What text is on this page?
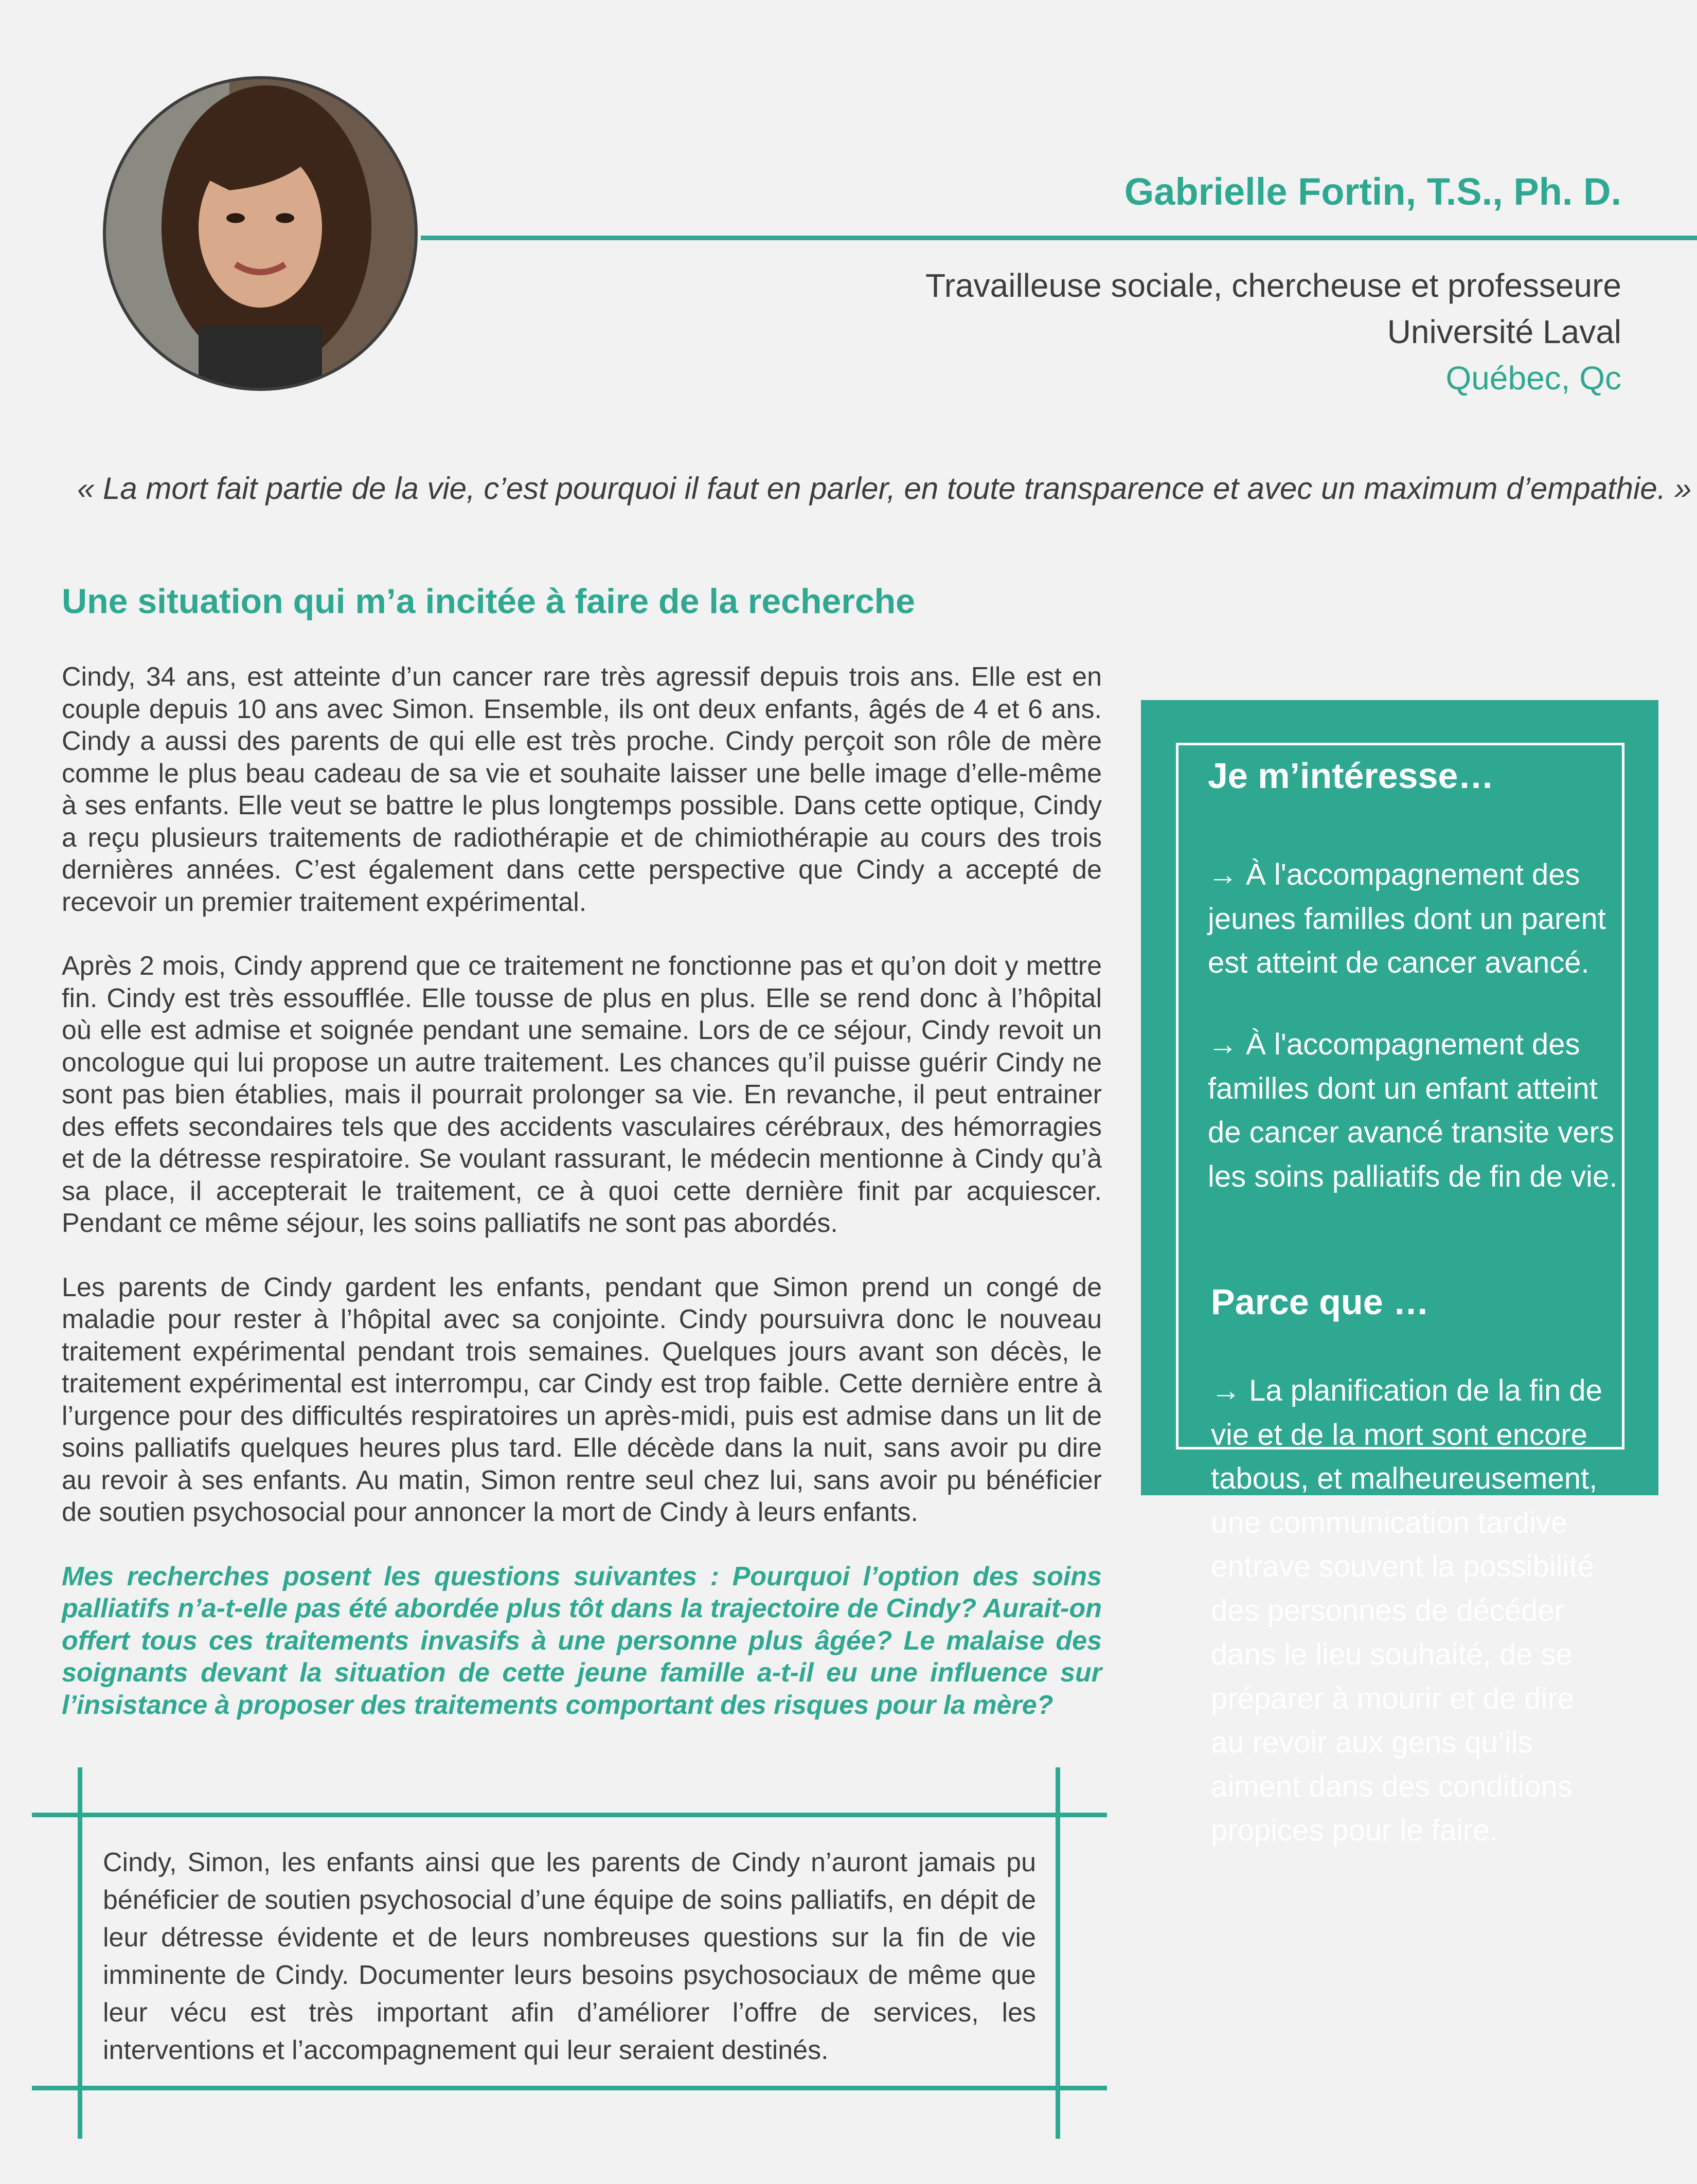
Gabrielle Fortin, T.S., Ph. D.
Travailleuse sociale, chercheuse et professeure
Université Laval
Québec, Qc
« La mort fait partie de la vie, c’est pourquoi il faut en parler, en toute transparence et avec un maximum d’empathie. »
Une situation qui m’a incitée à faire de la recherche

Cindy, 34 ans, est atteinte d’un cancer rare très agressif depuis trois ans. Elle est en couple depuis 10 ans avec Simon. Ensemble, ils ont deux enfants, âgés de 4 et 6 ans. Cindy a aussi des parents de qui elle est très proche. Cindy perçoit son rôle de mère comme le plus beau cadeau de sa vie et souhaite laisser une belle image d’elle-même à ses enfants. Elle veut se battre le plus longtemps possible. Dans cette optique, Cindy a reçu plusieurs traitements de radiothérapie et de chimiothérapie au cours des trois dernières années. C’est également dans cette perspective que Cindy a accepté de recevoir un premier traitement expérimental.

Après 2 mois, Cindy apprend que ce traitement ne fonctionne pas et qu’on doit y mettre fin. Cindy est très essoufflée. Elle tousse de plus en plus. Elle se rend donc à l’hôpital où elle est admise et soignée pendant une semaine. Lors de ce séjour, Cindy revoit un oncologue qui lui propose un autre traitement. Les chances qu’il puisse guérir Cindy ne sont pas bien établies, mais il pourrait prolonger sa vie. En revanche, il peut entrainer des effets secondaires tels que des accidents vasculaires cérébraux, des hémorragies et de la détresse respiratoire. Se voulant rassurant, le médecin mentionne à Cindy qu’à sa place, il accepterait le traitement, ce à quoi cette dernière finit par acquiescer. Pendant ce même séjour, les soins palliatifs ne sont pas abordés.

Les parents de Cindy gardent les enfants, pendant que Simon prend un congé de maladie pour rester à l’hôpital avec sa conjointe. Cindy poursuivra donc le nouveau traitement expérimental pendant trois semaines. Quelques jours avant son décès, le traitement expérimental est interrompu, car Cindy est trop faible. Cette dernière entre à l’urgence pour des difficultés respiratoires un après-midi, puis est admise dans un lit de soins palliatifs quelques heures plus tard. Elle décède dans la nuit, sans avoir pu dire au revoir à ses enfants. Au matin, Simon rentre seul chez lui, sans avoir pu bénéficier de soutien psychosocial pour annoncer la mort de Cindy à leurs enfants.

Mes recherches posent les questions suivantes : Pourquoi l’option des soins palliatifs n’a-t-elle pas été abordée plus tôt dans la trajectoire de Cindy? Aurait-on offert tous ces traitements invasifs à une personne plus âgée? Le malaise des soignants devant la situation de cette jeune famille a-t-il eu une influence sur l’insistance à proposer des traitements comportant des risques pour la mère?

Cindy, Simon, les enfants ainsi que les parents de Cindy n’auront jamais pu bénéficier de soutien psychosocial d’une équipe de soins palliatifs, en dépit de leur détresse évidente et de leurs nombreuses questions sur la fin de vie imminente de Cindy. Documenter leurs besoins psychosociaux de même que leur vécu est très important afin d’améliorer l’offre de services, les interventions et l’accompagnement qui leur seraient destinés.
Je m’intéresse…
→ À l'accompagnement des jeunes familles dont un parent est atteint de cancer avancé.
→ À l'accompagnement des familles dont un enfant atteint de cancer avancé transite vers les soins palliatifs de fin de vie.
Parce que …
→ La planification de la fin de vie et de la mort sont encore tabous, et malheureusement, une communication tardive entrave souvent la possibilité des personnes de décéder dans le lieu souhaité, de se préparer à mourir et de dire au revoir aux gens qu’ils aiment dans des conditions propices pour le faire.
